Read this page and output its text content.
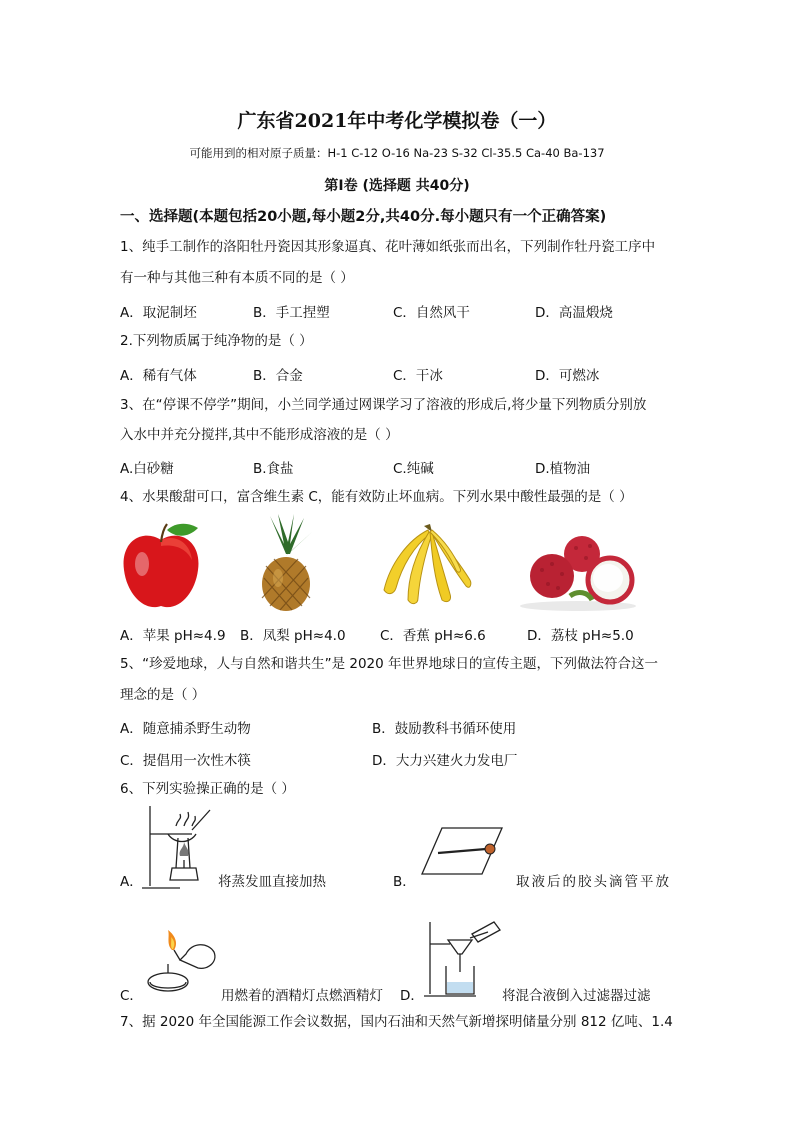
广东省2021年中考化学模拟卷（一）
可能用到的相对原子质量：H-1 C-12 O-16 Na-23 S-32 Cl-35.5 Ca-40 Ba-137
第Ⅰ卷 (选择题 共40分)
一、选择题(本题包括20小题,每小题2分,共40分.每小题只有一个正确答案)
1、纯手工制作的洛阳牡丹瓷因其形象逼真、花叶薄如纸张而出名，下列制作牡丹瓷工序中
有一种与其他三种有本质不同的是（ ）
A．取泥制坯	B．手工捏塑	C．自然风干	D．高温煅烧
2.下列物质属于纯净物的是（ ）
A．稀有气体	B．合金	C．干冰	D．可燃冰
3、在“停课不停学”期间，小兰同学通过网课学习了溶液的形成后,将少量下列物质分别放
入水中并充分搅拌,其中不能形成溶液的是（ ）
A.白砂糖	B.食盐	C.纯碱	D.植物油
4、水果酸甜可口，富含维生素 C，能有效防止坏血病。下列水果中酸性最强的是（ ）
A．苹果 pH≈4.9 B．凤梨 pH≈4.0	C．香蕉 pH≈6.6	D．荔枝 pH≈5.0
5、“珍爱地球，人与自然和谐共生”是 2020 年世界地球日的宣传主题，下列做法符合这一
理念的是（ ）
A．随意捕杀野生动物	B．鼓励教科书循环使用
C．提倡用一次性木筷	D．大力兴建火力发电厂
6、下列实验操正确的是（ ）
A．	将蒸发皿直接加热	B．	取液后的胶头滴管平放
C．	用燃着的酒精灯点燃酒精灯 D．	将混合液倒入过滤器过滤
7、据 2020 年全国能源工作会议数据，国内石油和天然气新增探明储量分别 812 亿吨、1.4
